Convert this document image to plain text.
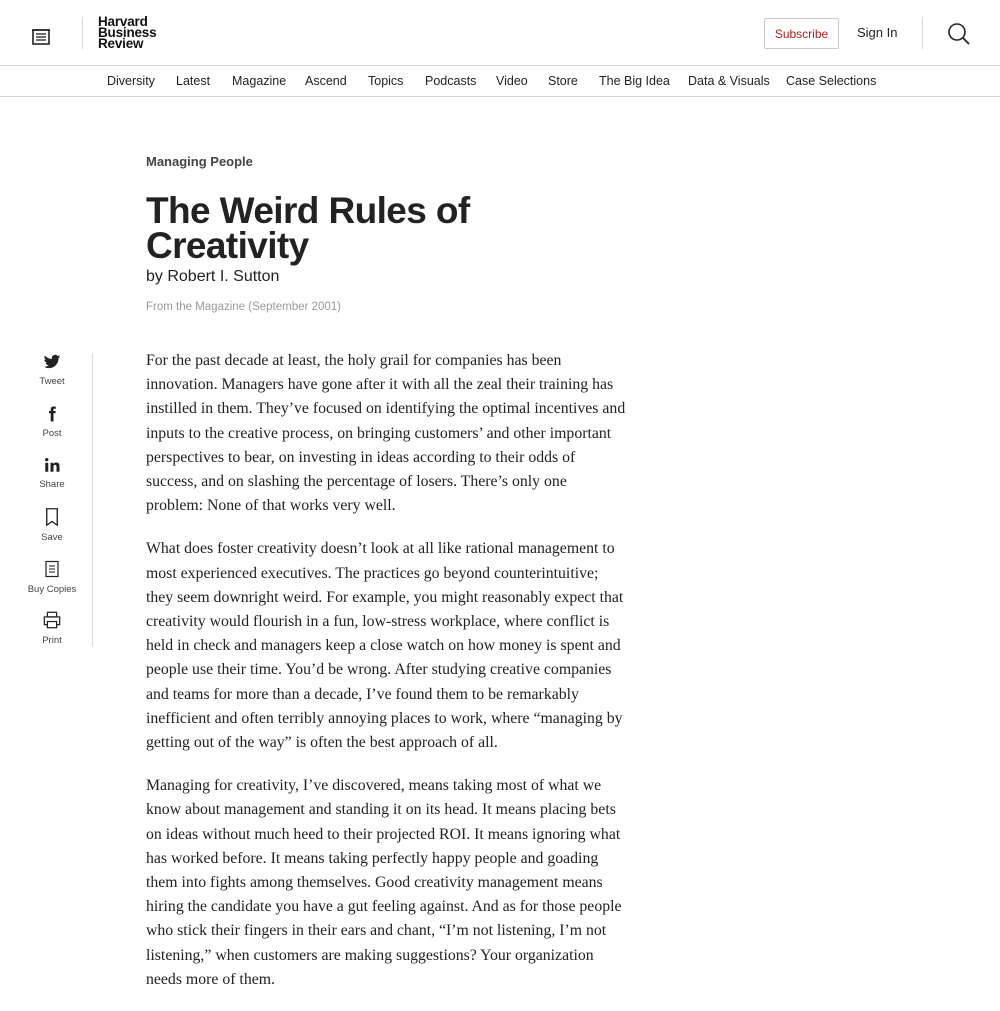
Harvard
Business
Review
Subscribe	Sign In
Diversity Latest Magazine Ascend Topics Podcasts Video Store The Big Idea Data & Visuals Case Selections
Managing People
The Weird Rules of Creativity
by Robert I. Sutton
From the Magazine (September 2001)
Tweet
Post
Share
Save
Buy Copies
Print

For the past decade at least, the holy grail for companies has been innovation. Managers have gone after it with all the zeal their training has instilled in them. They’ve focused on identifying the optimal incentives and inputs to the creative process, on bringing customers’ and other important perspectives to bear, on investing in ideas according to their odds of success, and on slashing the percentage of losers. There’s only one problem: None of that works very well.

What does foster creativity doesn’t look at all like rational management to most experienced executives. The practices go beyond counterintuitive; they seem downright weird. For example, you might reasonably expect that creativity would flourish in a fun, low-stress workplace, where conflict is held in check and managers keep a close watch on how money is spent and people use their time. You’d be wrong. After studying creative companies and teams for more than a decade, I’ve found them to be remarkably inefficient and often terribly annoying places to work, where “managing by getting out of the way” is often the best approach of all.

Managing for creativity, I’ve discovered, means taking most of what we know about management and standing it on its head. It means placing bets on ideas without much heed to their projected ROI. It means ignoring what has worked before. It means taking perfectly happy people and goading them into fights among themselves. Good creativity management means hiring the candidate you have a gut feeling against. And as for those people who stick their fingers in their ears and chant, “I’m not listening, I’m not listening,” when customers are making suggestions? Your organization needs more of them.
